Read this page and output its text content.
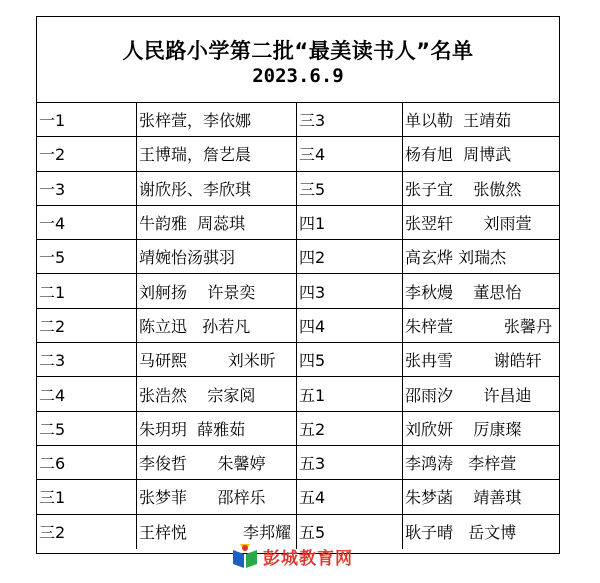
人民路小学第二批“最美读书人”名单
2023.6.9
一1	张梓萱，李依娜	三3	单以勒  王靖茹
一2	王博瑞，詹艺晨	三4	杨有旭  周博武
一3	谢欣彤、李欣琪	三5	张子宜    张傲然
一4	牛韵雅  周蕊琪	四1	张翌轩      刘雨萱
一5	靖婉怡汤骐羽	四2	高玄烨 刘瑞杰
二1	刘舸扬    许景奕	四3	李秋熳    董思怡
二2	陈立迅   孙若凡	四4	朱梓萱          张馨丹
二3	马研熙        刘米昕	四5	张冉雪        谢皓轩
二4	张浩然    宗家阅	五1	邵雨汐      许昌迪
二5	朱玥玥  薛雅茹	五2	刘欣妍    厉康璨
二6	李俊哲      朱馨婷	五3	李鸿涛   李梓萱
三1	张梦菲      邵梓乐	五4	朱梦菡    靖善琪
三2	王梓悦           李邦耀 五5	耿子晴   岳文博
彭城教育网
